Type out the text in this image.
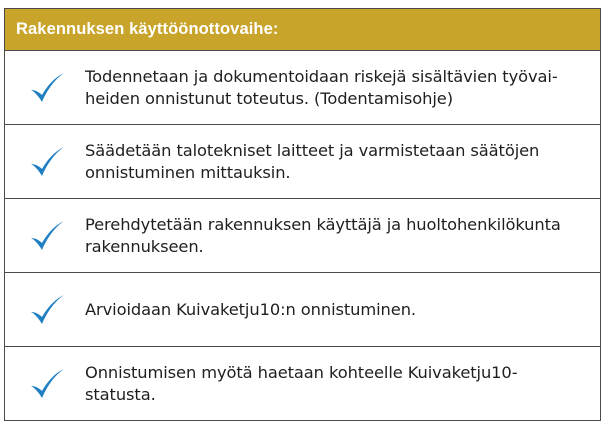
Rakennuksen käyttöönottovaihe:
Todennetaan ja dokumentoidaan riskejä sisältävien työvai-
heiden onnistunut toteutus. (Todentamisohje)
Säädetään talotekniset laitteet ja varmistetaan säätöjen
onnistuminen mittauksin.
Perehdytetään rakennuksen käyttäjä ja huoltohenkilökunta
rakennukseen.
Arvioidaan Kuivaketju10:n onnistuminen.
Onnistumisen myötä haetaan kohteelle Kuivaketju10-
statusta.
